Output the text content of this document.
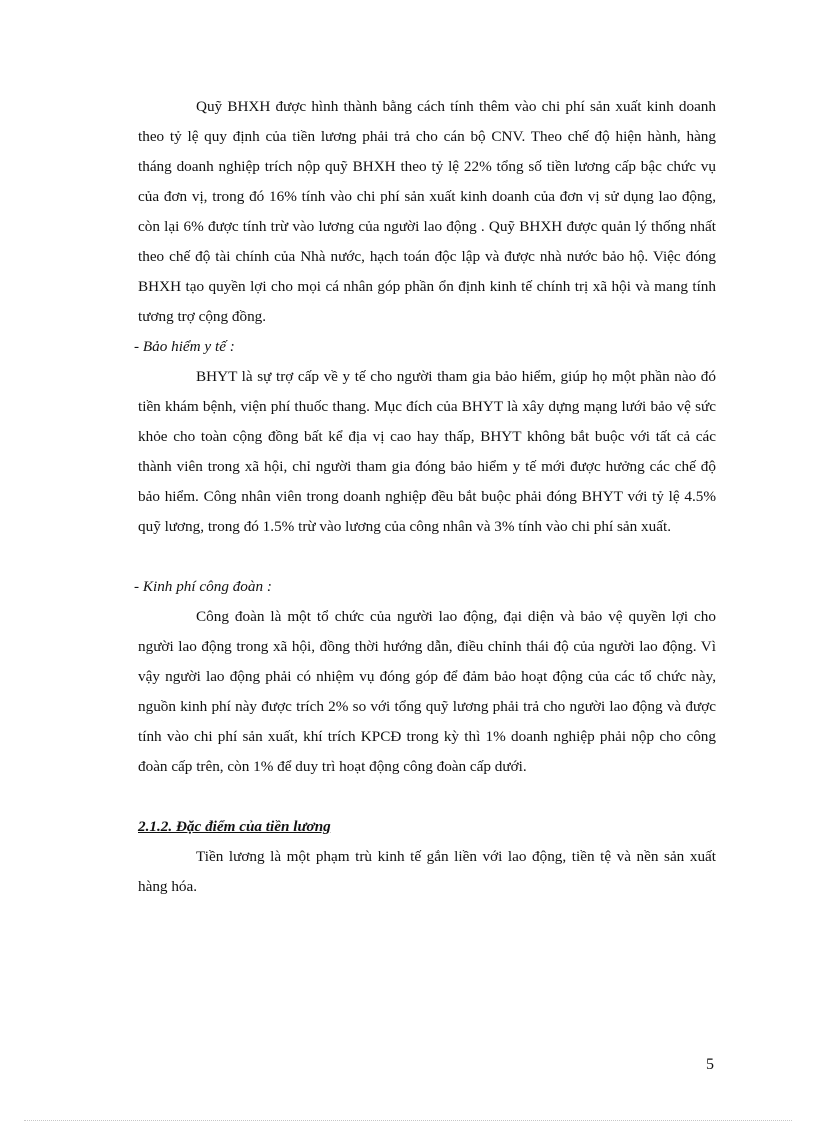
Quỹ BHXH được hình thành bằng cách tính thêm vào chi phí sản xuất kinh doanh theo tỷ lệ quy định của tiền lương phải trả cho cán bộ CNV. Theo chế độ hiện hành, hàng tháng doanh nghiệp trích nộp quỹ BHXH theo tỷ lệ 22% tổng số tiền lương cấp bậc chức vụ của đơn vị, trong đó 16% tính vào chi phí sản xuất kinh doanh của đơn vị sử dụng lao động, còn lại 6% được tính trừ vào lương của người lao động . Quỹ BHXH được quản lý thống nhất theo chế độ tài chính của Nhà nước, hạch toán độc lập và được nhà nước bảo hộ. Việc đóng BHXH tạo quyền lợi cho mọi cá nhân góp phần ổn định kinh tế chính trị xã hội và mang tính tương trợ cộng đồng.

- Bảo hiểm y tế :

BHYT là sự trợ cấp về y tế cho người tham gia bảo hiểm, giúp họ một phần nào đó tiền khám bệnh, viện phí thuốc thang. Mục đích của BHYT là xây dựng mạng lưới bảo vệ sức khỏe cho toàn cộng đồng bất kể địa vị cao hay thấp, BHYT không bắt buộc với tất cả các thành viên trong xã hội, chỉ người tham gia đóng bảo hiểm y tế mới được hưởng các chế độ bảo hiểm. Công nhân viên trong doanh nghiệp đều bắt buộc phải đóng BHYT với tỷ lệ 4.5% quỹ lương, trong đó 1.5% trừ vào lương của công nhân và 3% tính vào chi phí sản xuất.

- Kinh phí công đoàn :

Công đoàn là một tổ chức của người lao động, đại diện và bảo vệ quyền lợi cho người lao động trong xã hội, đồng thời hướng dẫn, điều chỉnh thái độ của người lao động. Vì vậy người lao động phải có nhiệm vụ đóng góp để đảm bảo hoạt động của các tổ chức này, nguồn kinh phí này được trích 2% so với tổng quỹ lương phải trả cho người lao động và được tính vào chi phí sản xuất, khí trích KPCĐ trong kỳ thì 1% doanh nghiệp phải nộp cho công đoàn cấp trên, còn 1% để duy trì hoạt động công đoàn cấp dưới.

2.1.2. Đặc điểm của tiền lương

Tiền lương là một phạm trù kinh tế gắn liền với lao động, tiền tệ và nền sản xuất hàng hóa.

5
